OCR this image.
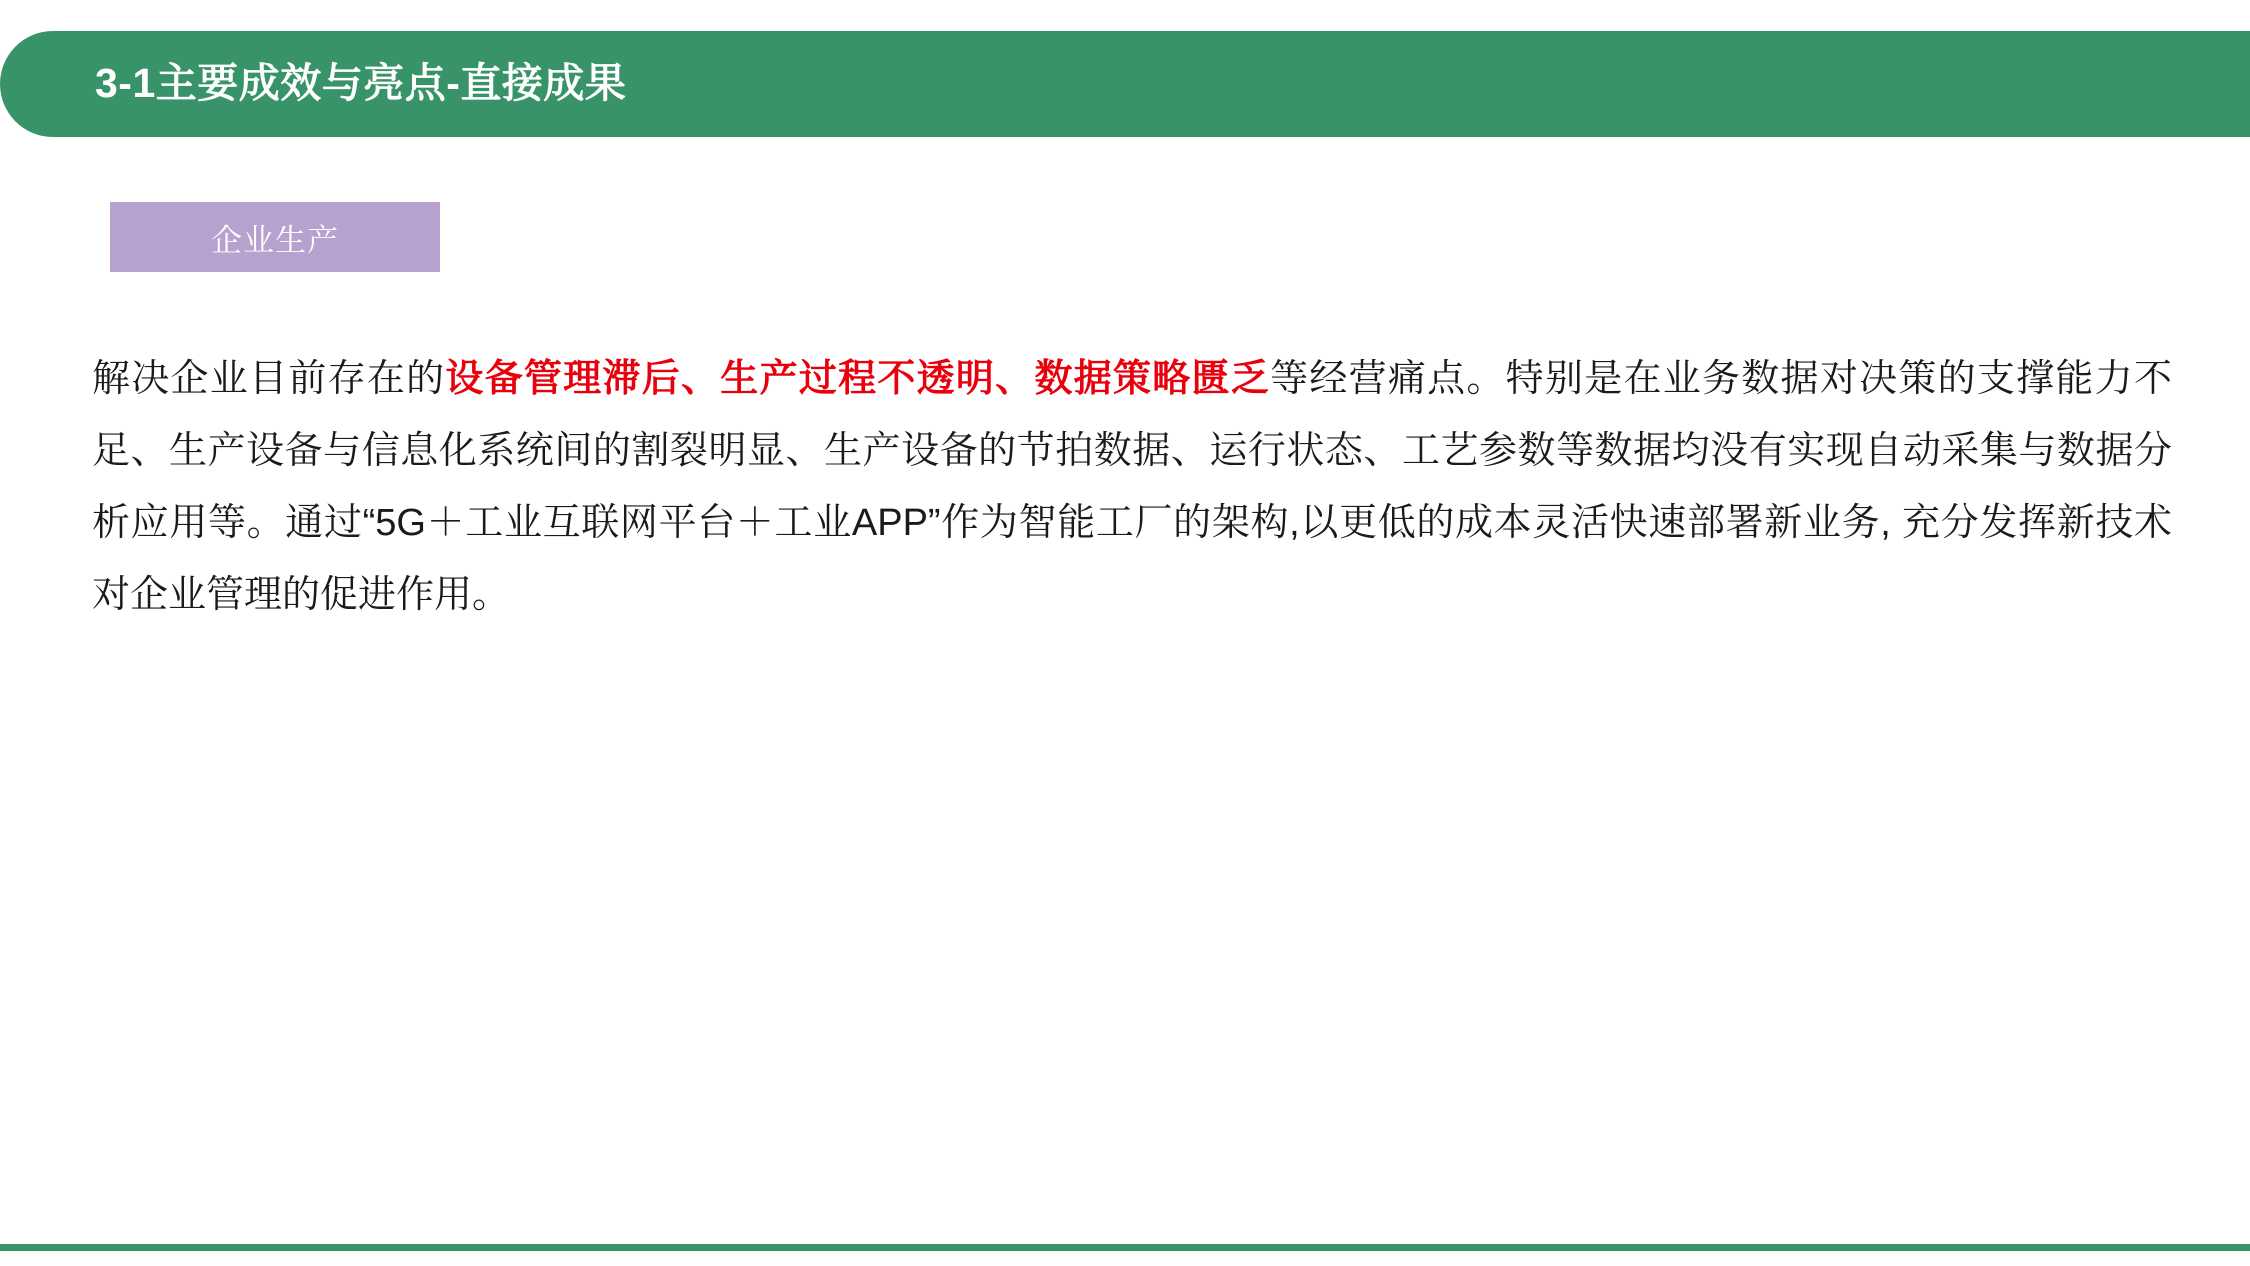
3-1主要成效与亮点-直接成果
企业生产

解决企业目前存在的设备管理滞后、生产过程不透明、数据策略匮乏等经营痛点。特别是在业务数据对决策的支撑能力不足、生产设备与信息化系统间的割裂明显、生产设备的节拍数据、运行状态、工艺参数等数据均没有实现自动采集与数据分析应用等。通过“5G＋工业互联网平台＋工业APP”作为智能工厂的架构,以更低的成本灵活快速部署新业务, 充分发挥新技术对企业管理的促进作用。
